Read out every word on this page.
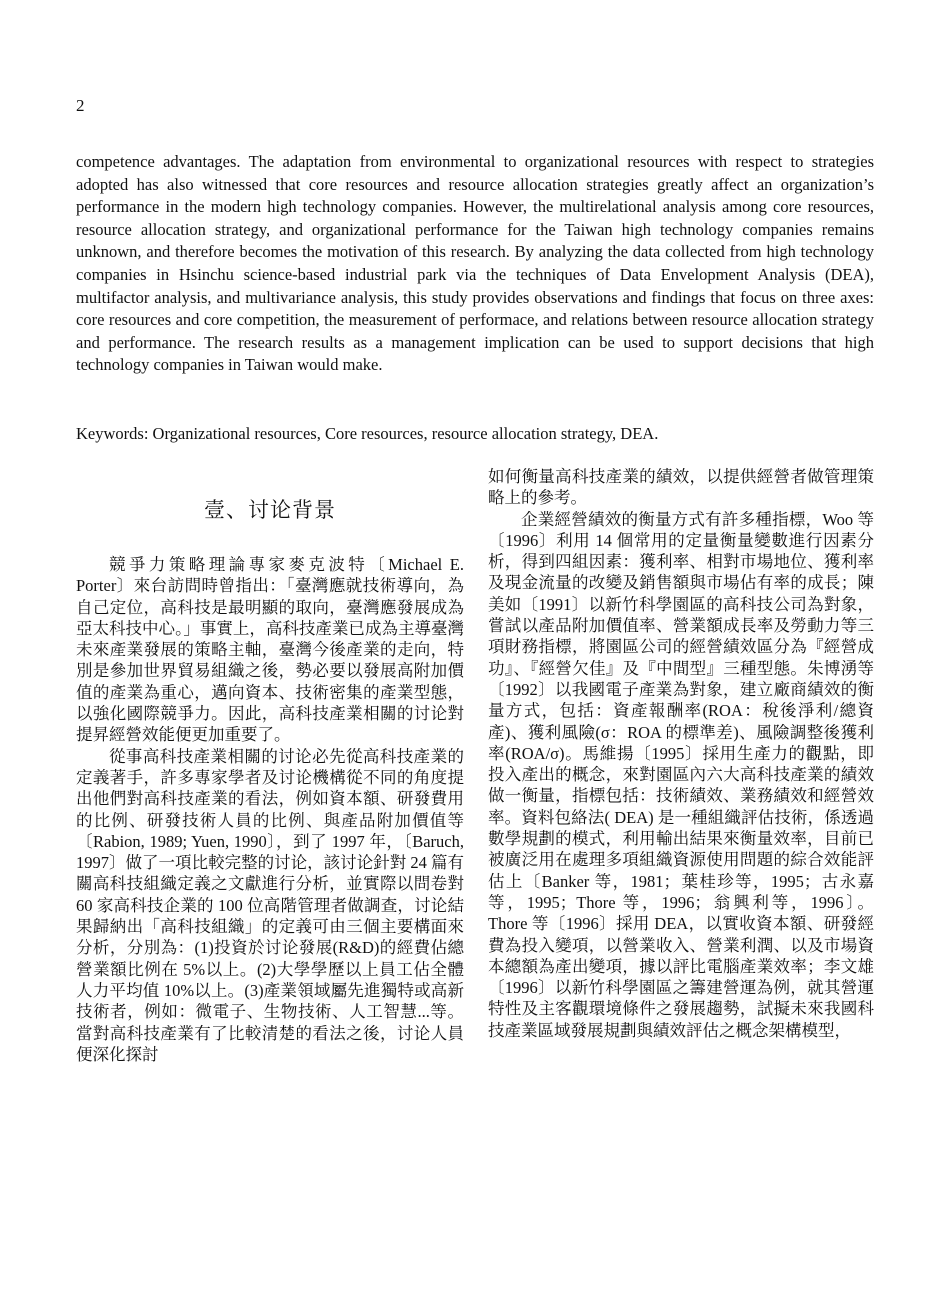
2

competence advantages. The adaptation from environmental to organizational resources with respect to strategies adopted has also witnessed that core resources and resource allocation strategies greatly affect an organization’s performance in the modern high technology companies. However, the multirelational analysis among core resources, resource allocation strategy, and organizational performance for the Taiwan high technology companies remains unknown, and therefore becomes the motivation of this research. By analyzing the data collected from high technology companies in Hsinchu science-based industrial park via the techniques of Data Envelopment Analysis (DEA), multifactor analysis, and multivariance analysis, this study provides observations and findings that focus on three axes: core resources and core competition, the measurement of performace, and relations between resource allocation strategy and performance. The research results as a management implication can be used to support decisions that high technology companies in Taiwan would make.

Keywords: Organizational resources, Core resources, resource allocation strategy, DEA.

壹、讨论背景

競爭力策略理論專家麥克波特〔Michael E. Porter〕來台訪問時曾指出：「臺灣應就技術導向，為自己定位，高科技是最明顯的取向，臺灣應發展成為亞太科技中心。」事實上，高科技產業已成為主導臺灣未來產業發展的策略主軸，臺灣今後產業的走向，特別是參加世界貿易組織之後，勢必要以發展高附加價值的產業為重心，邁向資本、技術密集的產業型態，以強化國際競爭力。因此，高科技產業相關的讨论對提昇經營效能便更加重要了。

從事高科技產業相關的讨论必先從高科技產業的定義著手，許多專家學者及讨论機構從不同的角度提出他們對高科技產業的看法，例如資本額、研發費用的比例、研發技術人員的比例、與產品附加價值等〔Rabion, 1989; Yuen, 1990〕，到了 1997 年，〔Baruch, 1997〕做了一項比較完整的讨论，該讨论針對 24 篇有關高科技組織定義之文獻進行分析，並實際以問卷對 60 家高科技企業的 100 位高階管理者做調查，讨论結果歸納出「高科技組織」的定義可由三個主要構面來分析，分別為：(1)投資於讨论發展(R&D)的經費佔總營業額比例在 5%以上。(2)大學學歷以上員工佔全體人力平均值 10%以上。(3)產業領域屬先進獨特或高新技術者，例如：微電子、生物技術、人工智慧...等。當對高科技產業有了比較清楚的看法之後，讨论人員便深化探討

如何衡量高科技產業的績效，以提供經營者做管理策略上的參考。

企業經營績效的衡量方式有許多種指標，Woo 等〔1996〕利用 14 個常用的定量衡量變數進行因素分析，得到四組因素：獲利率、相對市場地位、獲利率及現金流量的改變及銷售額與市場佔有率的成長；陳美如〔1991〕以新竹科學園區的高科技公司為對象，嘗試以產品附加價值率、營業額成長率及勞動力等三項財務指標，將園區公司的經營績效區分為『經營成功』、『經營欠佳』及『中間型』三種型態。朱博湧等〔1992〕以我國電子產業為對象，建立廠商績效的衡量方式，包括：資產報酬率(ROA：稅後淨利/總資產)、獲利風險(σ：ROA 的標準差)、風險調整後獲利率(ROA/σ)。馬維揚〔1995〕採用生產力的觀點，即投入產出的概念，來對園區內六大高科技產業的績效做一衡量，指標包括：技術績效、業務績效和經營效率。資料包絡法( DEA) 是一種組織評估技術，係透過數學規劃的模式，利用輸出結果來衡量效率，目前已被廣泛用在處理多項組織資源使用問題的綜合效能評估上〔Banker 等，1981；葉桂珍等，1995；古永嘉等，1995；Thore 等，1996；翁興利等，1996〕。Thore 等〔1996〕採用 DEA，以實收資本額、研發經費為投入變項，以營業收入、營業利潤、以及市場資本總額為產出變項，據以評比電腦產業效率；李文雄〔1996〕以新竹科學園區之籌建營運為例，就其營運特性及主客觀環境條件之發展趨勢，試擬未來我國科技產業區域發展規劃與績效評估之概念架構模型，
